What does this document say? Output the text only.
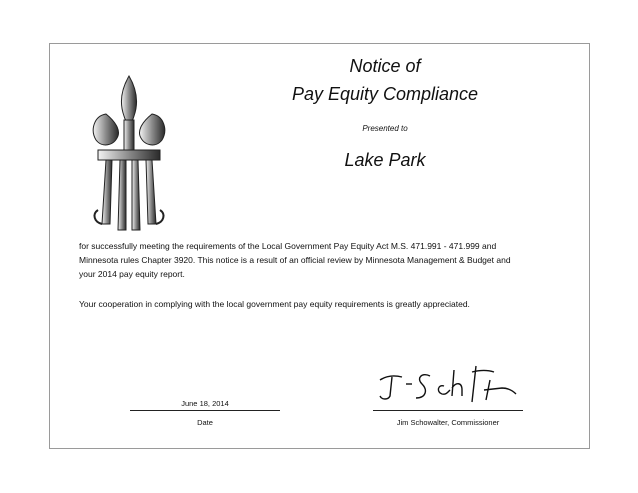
Notice of
Pay Equity Compliance
Presented to
Lake Park

for successfully meeting the requirements of the Local Government Pay Equity Act M.S. 471.991 - 471.999 and Minnesota rules Chapter 3920. This notice is a result of an official review by Minnesota Management & Budget and your 2014 pay equity report.

Your cooperation in complying with the local government pay equity requirements is greatly appreciated.

June 18, 2014
Date	Jim Schowalter, Commissioner
